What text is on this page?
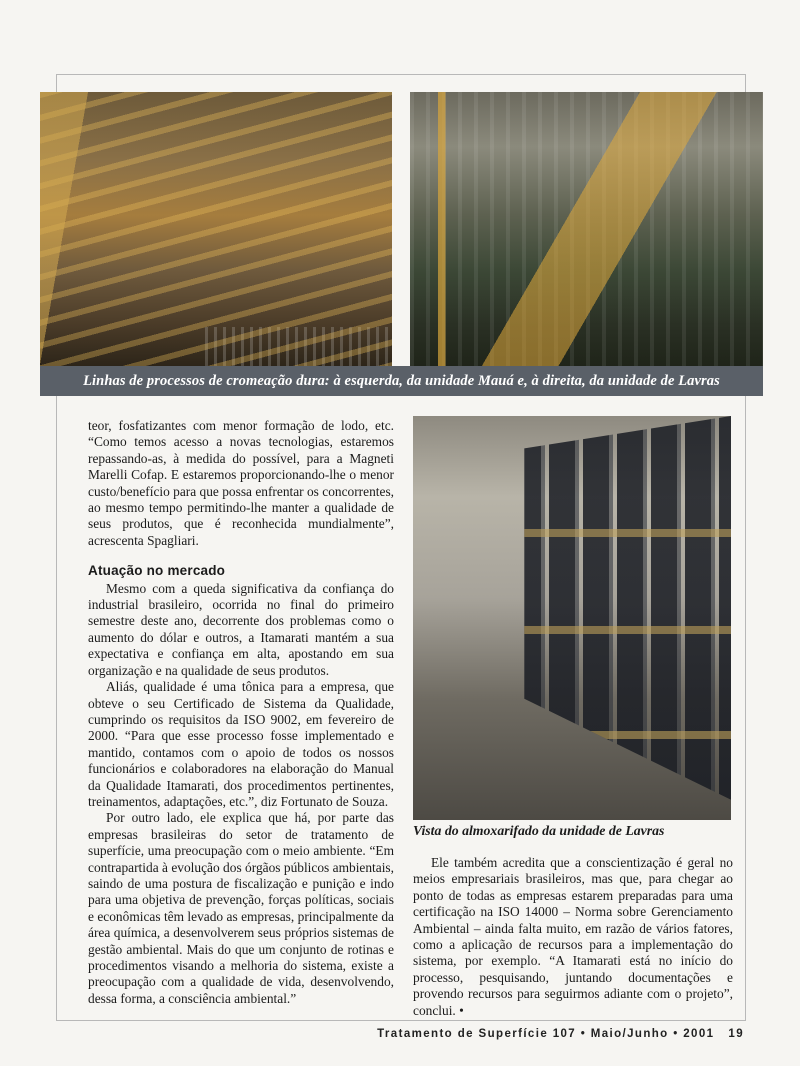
Linhas de processos de cromeação dura: à esquerda, da unidade Mauá e, à direita, da unidade de Lavras

teor, fosfatizantes com menor formação de lodo, etc. “Como temos acesso a novas tecnologias, estaremos repassando-as, à medida do possível, para a Magneti Marelli Cofap. E estaremos proporcionando-lhe o menor custo/benefício para que possa enfrentar os concorrentes, ao mesmo tempo permitindo-lhe manter a qualidade de seus produtos, que é reconhecida mundialmente”, acrescenta Spagliari.

Atuação no mercado

Mesmo com a queda significativa da confiança do industrial brasileiro, ocorrida no final do primeiro semestre deste ano, decorrente dos problemas como o aumento do dólar e outros, a Itamarati mantém a sua expectativa e confiança em alta, apostando em sua organização e na qualidade de seus produtos.

Aliás, qualidade é uma tônica para a empresa, que obteve o seu Certificado de Sistema da Qualidade, cumprindo os requisitos da ISO 9002, em fevereiro de 2000. “Para que esse processo fosse implementado e mantido, contamos com o apoio de todos os nossos funcionários e colaboradores na elaboração do Manual da Qualidade Itamarati, dos procedimentos pertinentes, treinamentos, adaptações, etc.”, diz Fortunato de Souza.

Por outro lado, ele explica que há, por parte das empresas brasileiras do setor de tratamento de superfície, uma preocupação com o meio ambiente. “Em contrapartida à evolução dos órgãos públicos ambientais, saindo de uma postura de fiscalização e punição e indo para uma objetiva de prevenção, forças políticas, sociais e econômicas têm levado as empresas, principalmente da área química, a desenvolverem seus próprios sistemas de gestão ambiental. Mais do que um conjunto de rotinas e procedimentos visando a melhoria do sistema, existe a preocupação com a qualidade de vida, desenvolvendo, dessa forma, a consciência ambiental.”

Vista do almoxarifado da unidade de Lavras

Ele também acredita que a conscientização é geral no meios empresariais brasileiros, mas que, para chegar ao ponto de todas as empresas estarem preparadas para uma certificação na ISO 14000 – Norma sobre Gerenciamento Ambiental – ainda falta muito, em razão de vários fatores, como a aplicação de recursos para a implementação do sistema, por exemplo. “A Itamarati está no início do processo, pesquisando, juntando documentações e provendo recursos para seguirmos adiante com o projeto”, conclui. •

Tratamento de Superfície 107 • Maio/Junho • 2001 19
